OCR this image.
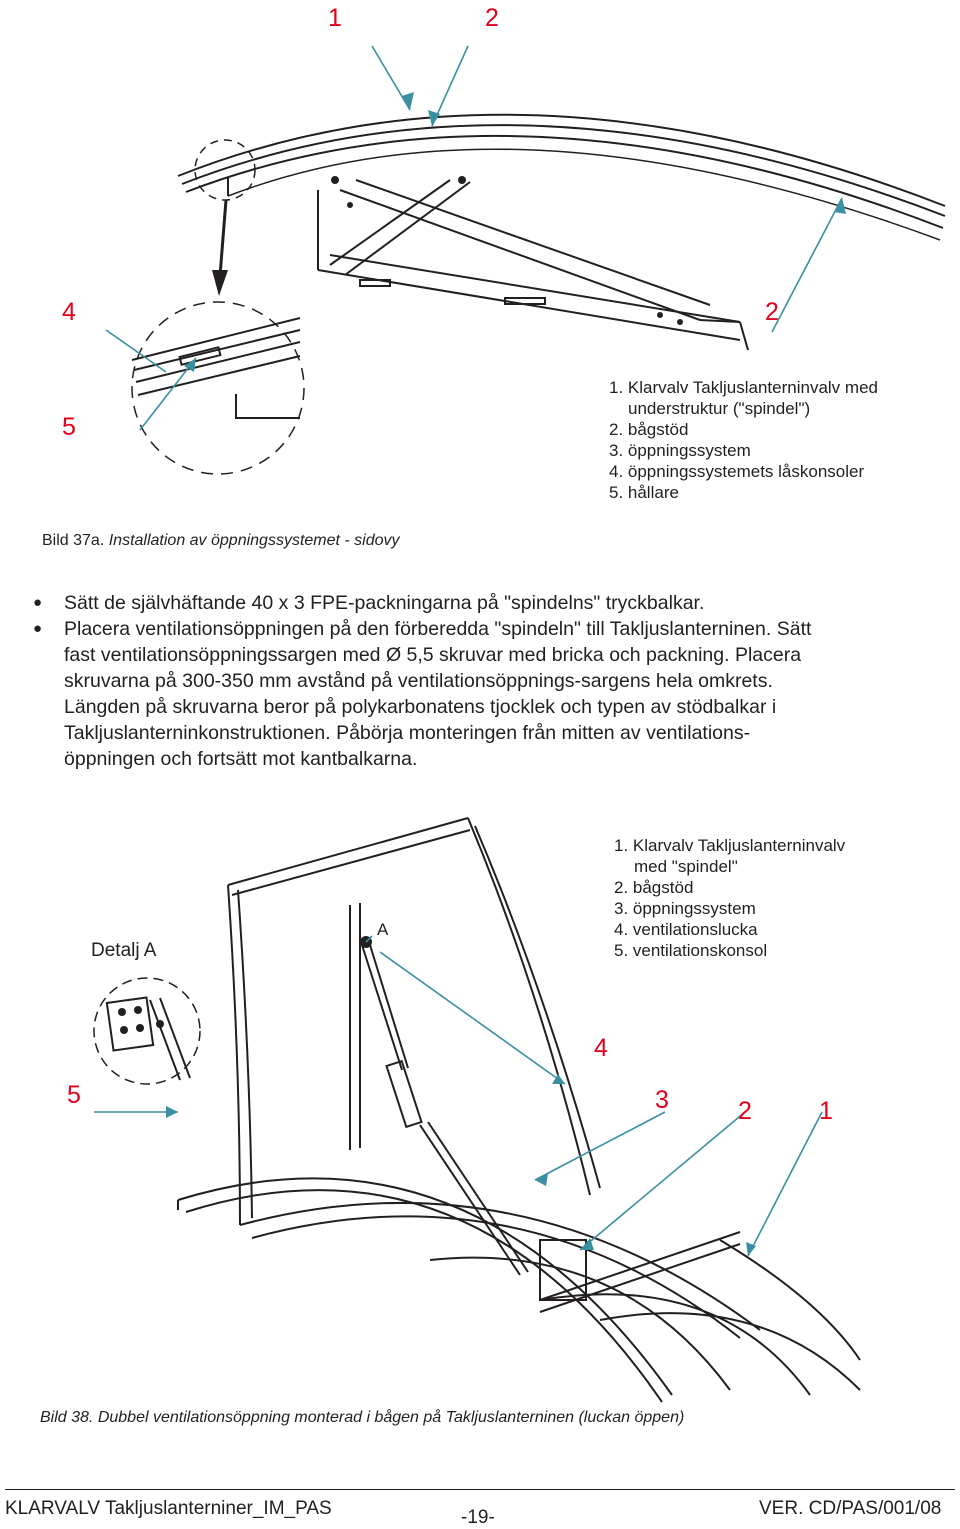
1	2
4
5
2
1. Klarvalv Takljuslanterninvalv med
understruktur ("spindel")
2. bågstöd
3. öppningssystem
4. öppningssystemets låskonsoler
5. hållare
Bild 37a. Installation av öppningssystemet - sidovy
● Sätt de självhäftande 40 x 3 FPE-packningarna på "spindelns" tryckbalkar.
● Placera ventilationsöppningen på den förberedda "spindeln" till Takljuslanterninen. Sätt
fast ventilationsöppningssargen med Ø 5,5 skruvar med bricka och packning. Placera
skruvarna på 300-350 mm avstånd på ventilationsöppnings-sargens hela omkrets.
Längden på skruvarna beror på polykarbonatens tjocklek och typen av stödbalkar i
Takljuslanterninkonstruktionen. Påbörja monteringen från mitten av ventilations-
öppningen och fortsätt mot kantbalkarna.
Detalj A
A
4
5	3	2	1
1. Klarvalv Takljuslanterninvalv
med "spindel"
2. bågstöd
3. öppningssystem
4. ventilationslucka
5. ventilationskonsol
Bild 38. Dubbel ventilationsöppning monterad i bågen på Takljuslanterninen (luckan öppen)
KLARVALV Takljuslanterniner_IM_PAS	-19-	VER. CD/PAS/001/08
